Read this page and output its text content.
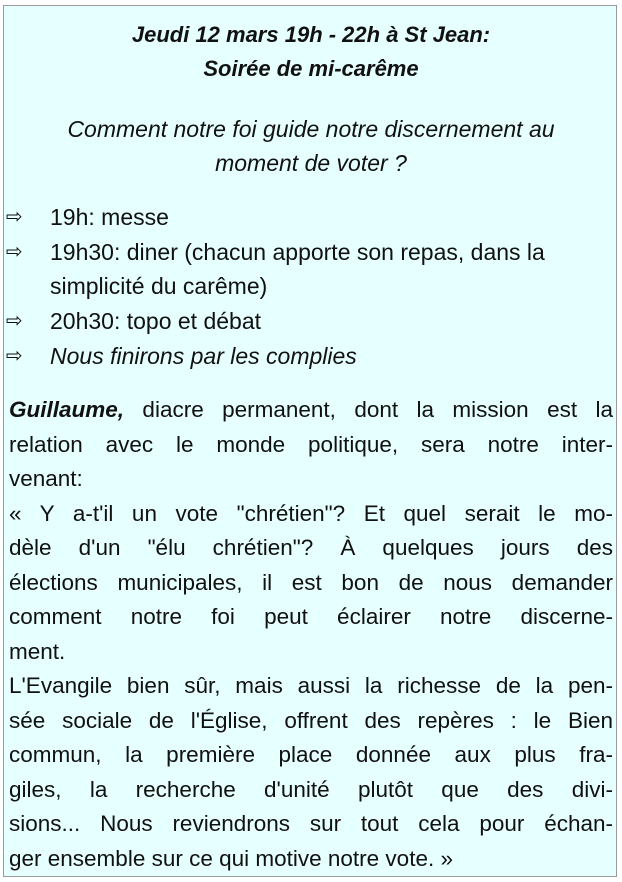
Jeudi 12 mars 19h - 22h à St Jean:
Soirée de mi-carême
Comment notre foi guide notre discernement au
moment de voter ?
⇨	19h: messe
⇨	19h30: diner (chacun apporte son repas, dans la
simplicité du carême)
⇨	20h30: topo et débat
⇨	Nous finirons par les complies
Guillaume, diacre permanent, dont la mission est la
relation avec le monde politique, sera notre inter-
venant:
« Y a-t'il un vote "chrétien"? Et quel serait le mo-
dèle d'un "élu chrétien"? À quelques jours des
élections municipales, il est bon de nous demander
comment notre foi peut éclairer notre discerne-
ment.
L'Evangile bien sûr, mais aussi la richesse de la pen-
sée sociale de l'Église, offrent des repères : le Bien
commun, la première place donnée aux plus fra-
giles, la recherche d'unité plutôt que des divi-
sions... Nous reviendrons sur tout cela pour échan-
ger ensemble sur ce qui motive notre vote. »
